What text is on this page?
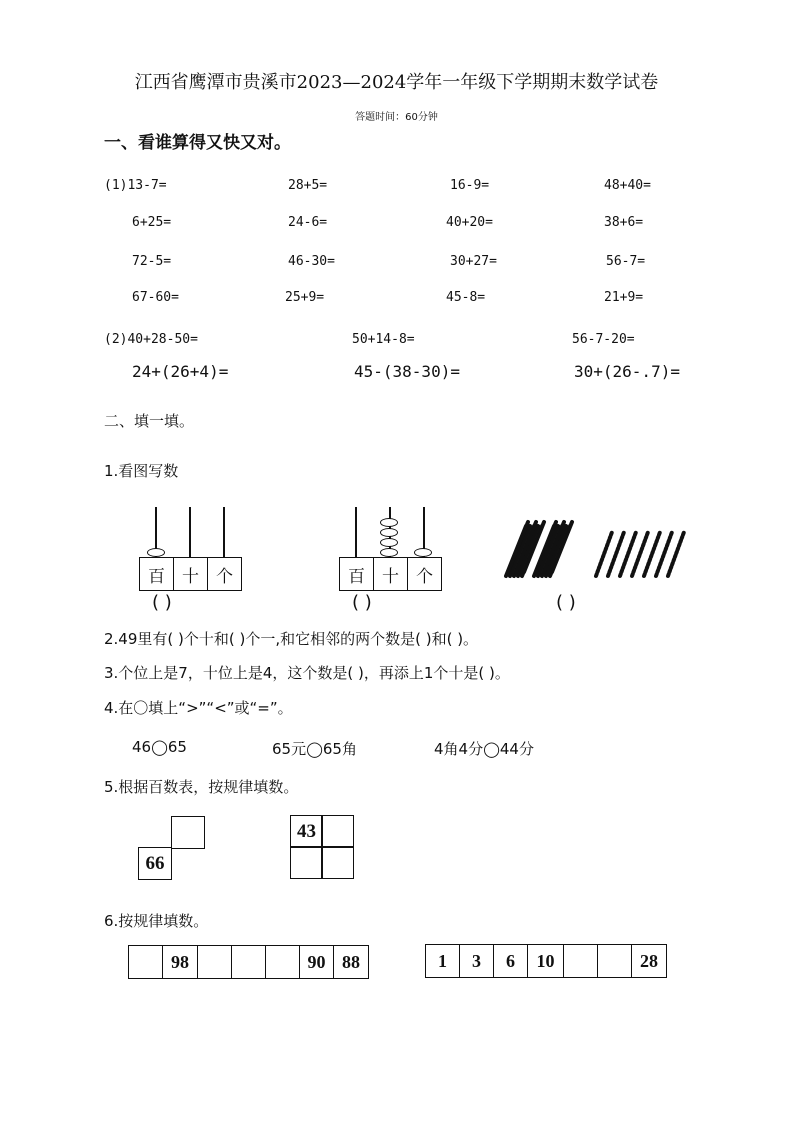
江西省鹰潭市贵溪市2023—2024学年一年级下学期期末数学试卷
答题时间：60分钟
一、看谁算得又快又对。
(1)13-7=	28+5=	16-9=	48+40=
6+25=	24-6=	40+20=	38+6=
72-5=	46-30=	30+27=	56-7=
67-60=	25+9=	45-8=	21+9=
(2)40+28-50=	50+14-8=	56-7-20=
24+(26+4)=	45-(38-30)=	30+(26-.7)=
二、填一填。
1.看图写数
百	十	个
( )
百	十	个
( )	( )
2.49里有( )个十和( )个一,和它相邻的两个数是( )和( )。
3.个位上是7，十位上是4，这个数是( )，再添上1个十是( )。
4.在〇填上“>”“<”或“=”。
46◯65	65元◯65角	4角4分◯44分
5.根据百数表，按规律填数。
66
43
6.按规律填数。
98	90 88	1	3	6	10	28
